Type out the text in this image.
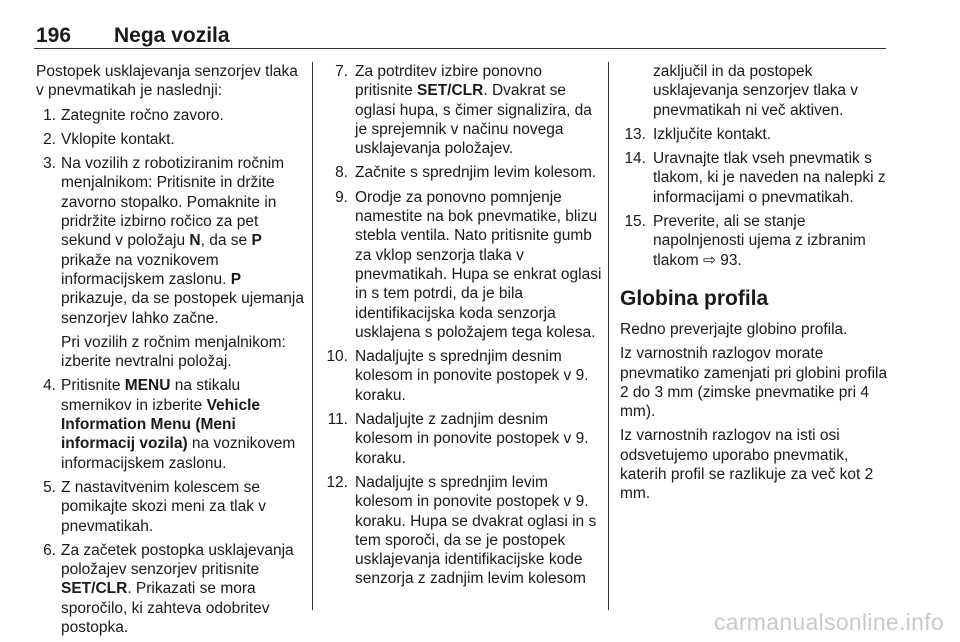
196 Nega vozila

Postopek usklajevanja senzorjev tlaka v pnevmatikah je naslednji:

1. Zategnite ročno zavoro.
2. Vklopite kontakt.
3. Na vozilih z robotiziranim ročnim menjalnikom: Pritisnite in držite zavorno stopalko. Pomaknite in pridržite izbirno ročico za pet sekund v položaju N, da se P prikaže na voznikovem informacijskem zaslonu. P prikazuje, da se postopek ujemanja senzorjev lahko začne.

Pri vozilih z ročnim menjalnikom: izberite nevtralni položaj.

4. Pritisnite MENU na stikalu smernikov in izberite Vehicle Information Menu (Meni informacij vozila) na voznikovem informacijskem zaslonu.
5. Z nastavitvenim kolescem se pomikajte skozi meni za tlak v pnevmatikah.
6. Za začetek postopka usklajevanja položajev senzorjev pritisnite SET/CLR. Prikazati se mora sporočilo, ki zahteva odobritev postopka.
7. Za potrditev izbire ponovno pritisnite SET/CLR. Dvakrat se oglasi hupa, s čimer signalizira, da je sprejemnik v načinu novega usklajevanja položajev.
8. Začnite s sprednjim levim kolesom.
9. Orodje za ponovno pomnjenje namestite na bok pnevmatike, blizu stebla ventila. Nato pritisnite gumb za vklop senzorja tlaka v pnevmatikah. Hupa se enkrat oglasi in s tem potrdi, da je bila identifikacijska koda senzorja usklajena s položajem tega kolesa.
10. Nadaljujte s sprednjim desnim kolesom in ponovite postopek v 9. koraku.
11. Nadaljujte z zadnjim desnim kolesom in ponovite postopek v 9. koraku.
12. Nadaljujte s sprednjim levim kolesom in ponovite postopek v 9. koraku. Hupa se dvakrat oglasi in s tem sporoči, da se je postopek usklajevanja identifikacijske kode senzorja z zadnjim levim kolesom

zaključil in da postopek usklajevanja senzorjev tlaka v pnevmatikah ni več aktiven.

13. Izključite kontakt.
14. Uravnajte tlak vseh pnevmatik s tlakom, ki je naveden na nalepki z informacijami o pnevmatikah.
15. Preverite, ali se stanje napolnjenosti ujema z izbranim tlakom ⇨ 93.
Globina profila

Redno preverjajte globino profila.

Iz varnostnih razlogov morate pnevmatiko zamenjati pri globini profila 2 do 3 mm (zimske pnevmatike pri 4 mm).

Iz varnostnih razlogov na isti osi odsvetujemo uporabo pnevmatik, katerih profil se razlikuje za več kot 2 mm.

carmanualsonline.info
